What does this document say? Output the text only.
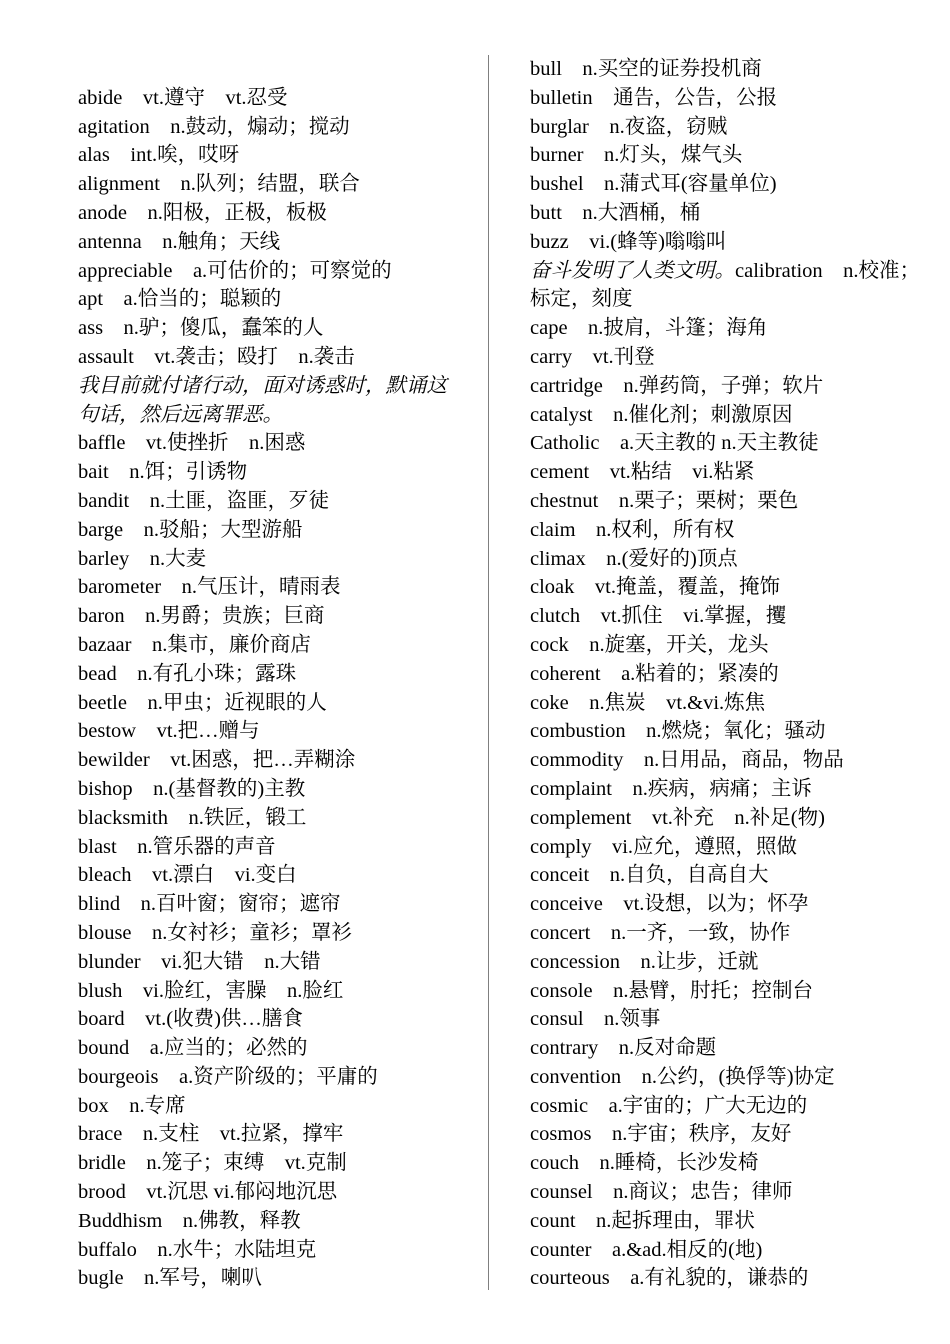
abide　vt.遵守　vt.忍受
agitation　n.鼓动，煽动；搅动
alas　int.唉，哎呀
alignment　n.队列；结盟，联合
anode　n.阳极，正极，板极
antenna　n.触角；天线
appreciable　a.可估价的；可察觉的
apt　a.恰当的；聪颖的
ass　n.驴；傻瓜，蠢笨的人
assault　vt.袭击；殴打　n.袭击
我目前就付诸行动，面对诱惑时，默诵这
句话，然后远离罪恶。
baffle　vt.使挫折　n.困惑
bait　n.饵；引诱物
bandit　n.土匪，盗匪，歹徒
barge　n.驳船；大型游船
barley　n.大麦
barometer　n.气压计，晴雨表
baron　n.男爵；贵族；巨商
bazaar　n.集市，廉价商店
bead　n.有孔小珠；露珠
beetle　n.甲虫；近视眼的人
bestow　vt.把…赠与
bewilder　vt.困惑，把…弄糊涂
bishop　n.(基督教的)主教
blacksmith　n.铁匠，锻工
blast　n.管乐器的声音
bleach　vt.漂白　vi.变白
blind　n.百叶窗；窗帘；遮帘
blouse　n.女衬衫；童衫；罩衫
blunder　vi.犯大错　n.大错
blush　vi.脸红，害臊　n.脸红
board　vt.(收费)供…膳食
bound　a.应当的；必然的
bourgeois　a.资产阶级的；平庸的
box　n.专席
brace　n.支柱　vt.拉紧，撑牢
bridle　n.笼子；束缚　vt.克制
brood　vt.沉思 vi.郁闷地沉思
Buddhism　n.佛教，释教
buffalo　n.水牛；水陆坦克
bugle　n.军号，喇叭
bull　n.买空的证券投机商
bulletin　通告，公告，公报
burglar　n.夜盗，窃贼
burner　n.灯头，煤气头
bushel　n.蒲式耳(容量单位)
butt　n.大酒桶，桶
buzz　vi.(蜂等)嗡嗡叫
奋斗发明了人类文明。calibration　n.校准；
标定，刻度
cape　n.披肩，斗篷；海角
carry　vt.刊登
cartridge　n.弹药筒，子弹；软片
catalyst　n.催化剂；刺激原因
Catholic　a.天主教的 n.天主教徒
cement　vt.粘结　vi.粘紧
chestnut　n.栗子；栗树；栗色
claim　n.权利，所有权
climax　n.(爱好的)顶点
cloak　vt.掩盖，覆盖，掩饰
clutch　vt.抓住　vi.掌握，攫
cock　n.旋塞，开关，龙头
coherent　a.粘着的；紧凑的
coke　n.焦炭　vt.&vi.炼焦
combustion　n.燃烧；氧化；骚动
commodity　n.日用品，商品，物品
complaint　n.疾病，病痛；主诉
complement　vt.补充　n.补足(物)
comply　vi.应允，遵照，照做
conceit　n.自负，自高自大
conceive　vt.设想，以为；怀孕
concert　n.一齐，一致，协作
concession　n.让步，迁就
console　n.悬臂，肘托；控制台
consul　n.领事
contrary　n.反对命题
convention　n.公约，(换俘等)协定
cosmic　a.宇宙的；广大无边的
cosmos　n.宇宙；秩序，友好
couch　n.睡椅，长沙发椅
counsel　n.商议；忠告；律师
count　n.起拆理由，罪状
counter　a.&ad.相反的(地)
courteous　a.有礼貌的，谦恭的
